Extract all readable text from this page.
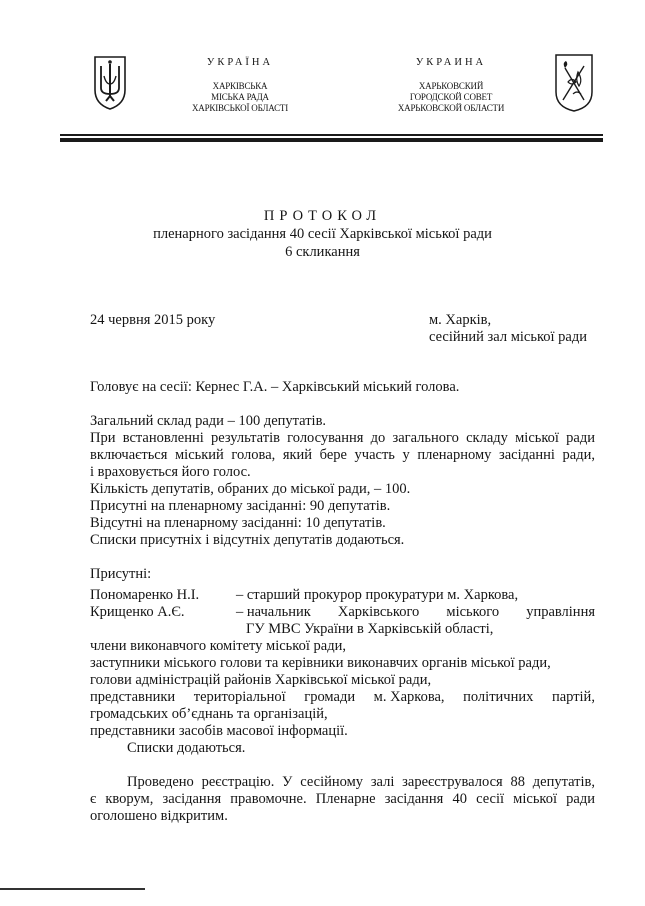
УКРАЇНА
ХАРКІВСЬКА
МІСЬКА РАДА
ХАРКІВСЬКОЇ ОБЛАСТІ
УКРАИНА
ХАРЬКОВСКИЙ
ГОРОДСКОЙ СОВЕТ
ХАРЬКОВСКОЙ ОБЛАСТИ
ПРОТОКОЛ
пленарного засідання 40 сесії Харківської міської ради
6 скликання
24 червня 2015 року	м. Харків,
сесійний зал міської ради
Головує на сесії: Кернес Г.А. – Харківський міський голова.
Загальний склад ради – 100 депутатів.
При встановленні результатів голосування до загального складу міської ради
включається міський голова, який бере участь у пленарному засіданні ради,
і враховується його голос.
Кількість депутатів, обраних до міської ради, – 100.
Присутні на пленарному засіданні: 90 депутатів.
Відсутні на пленарному засіданні: 10 депутатів.
Списки присутніх і відсутніх депутатів додаються.
Присутні:
Пономаренко Н.І.	– старший прокурор прокуратури м. Харкова,
Крищенко А.Є.	– начальник Харківського міського управління
ГУ МВС України в Харківській області,
члени виконавчого комітету міської ради,
заступники міського голови та керівники виконавчих органів міської ради,
голови адміністрацій районів Харківської міської ради,
представники територіальної громади м. Харкова, політичних партій,
громадських об’єднань та організацій,
представники засобів масової інформації.
Списки додаються.
Проведено реєстрацію. У сесійному залі зареєструвалося 88 депутатів,
є кворум, засідання правомочне. Пленарне засідання 40 сесії міської ради
оголошено відкритим.
